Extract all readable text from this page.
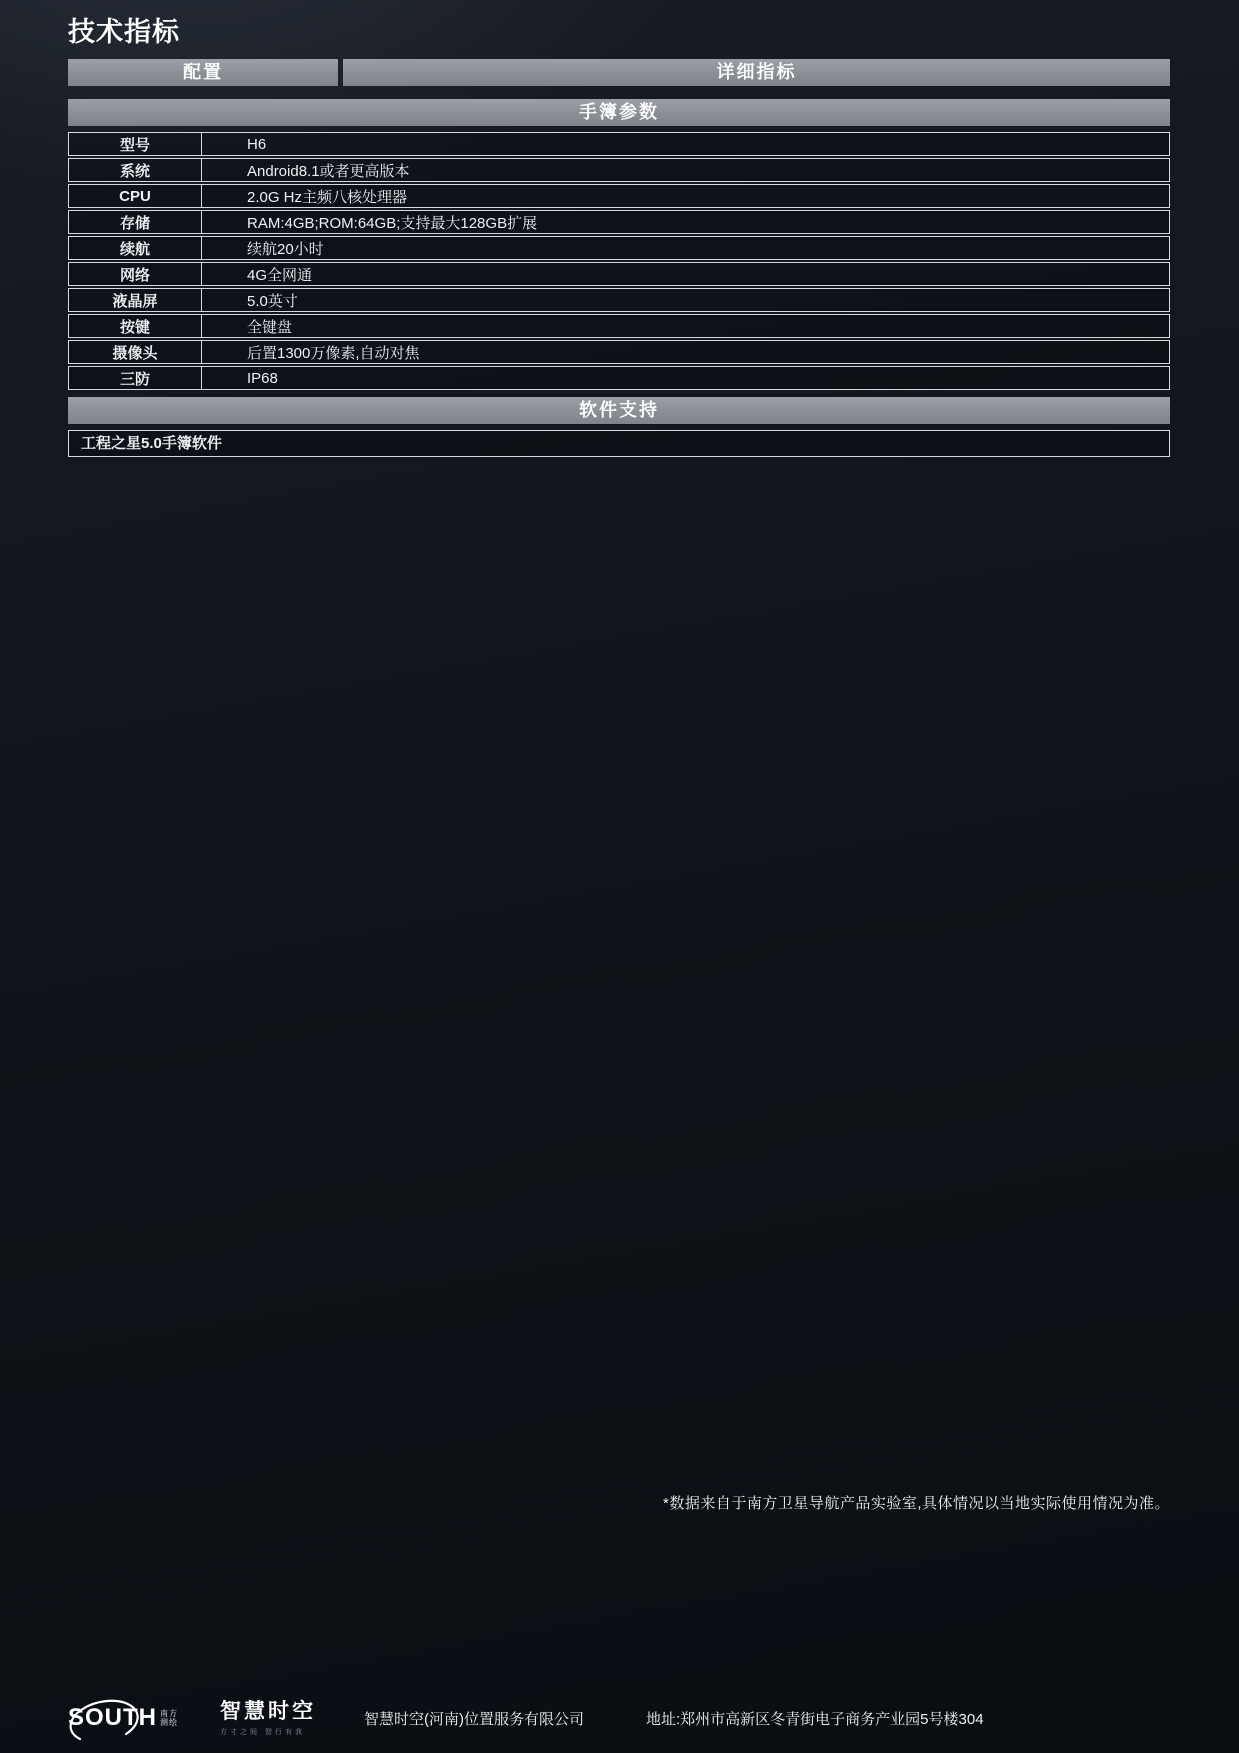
技术指标
配置	详细指标
手簿参数
型号	H6
系统	Android8.1或者更高版本
CPU	2.0G Hz主频八核处理器
存储	RAM:4GB;ROM:64GB;支持最大128GB扩展
续航	续航20小时
网络	4G全网通
液晶屏	5.0英寸
按键	全键盘
摄像头	后置1300万像素,自动对焦
三防	IP68
软件支持
工程之星5.0手簿软件
*数据来自于南方卫星导航产品实验室,具体情况以当地实际使用情况为准。
SOUTH 南方
测绘 智慧时空
方寸之间 智行有我
智慧时空(河南)位置服务有限公司	地址:郑州市高新区冬青街电子商务产业园5号楼304
